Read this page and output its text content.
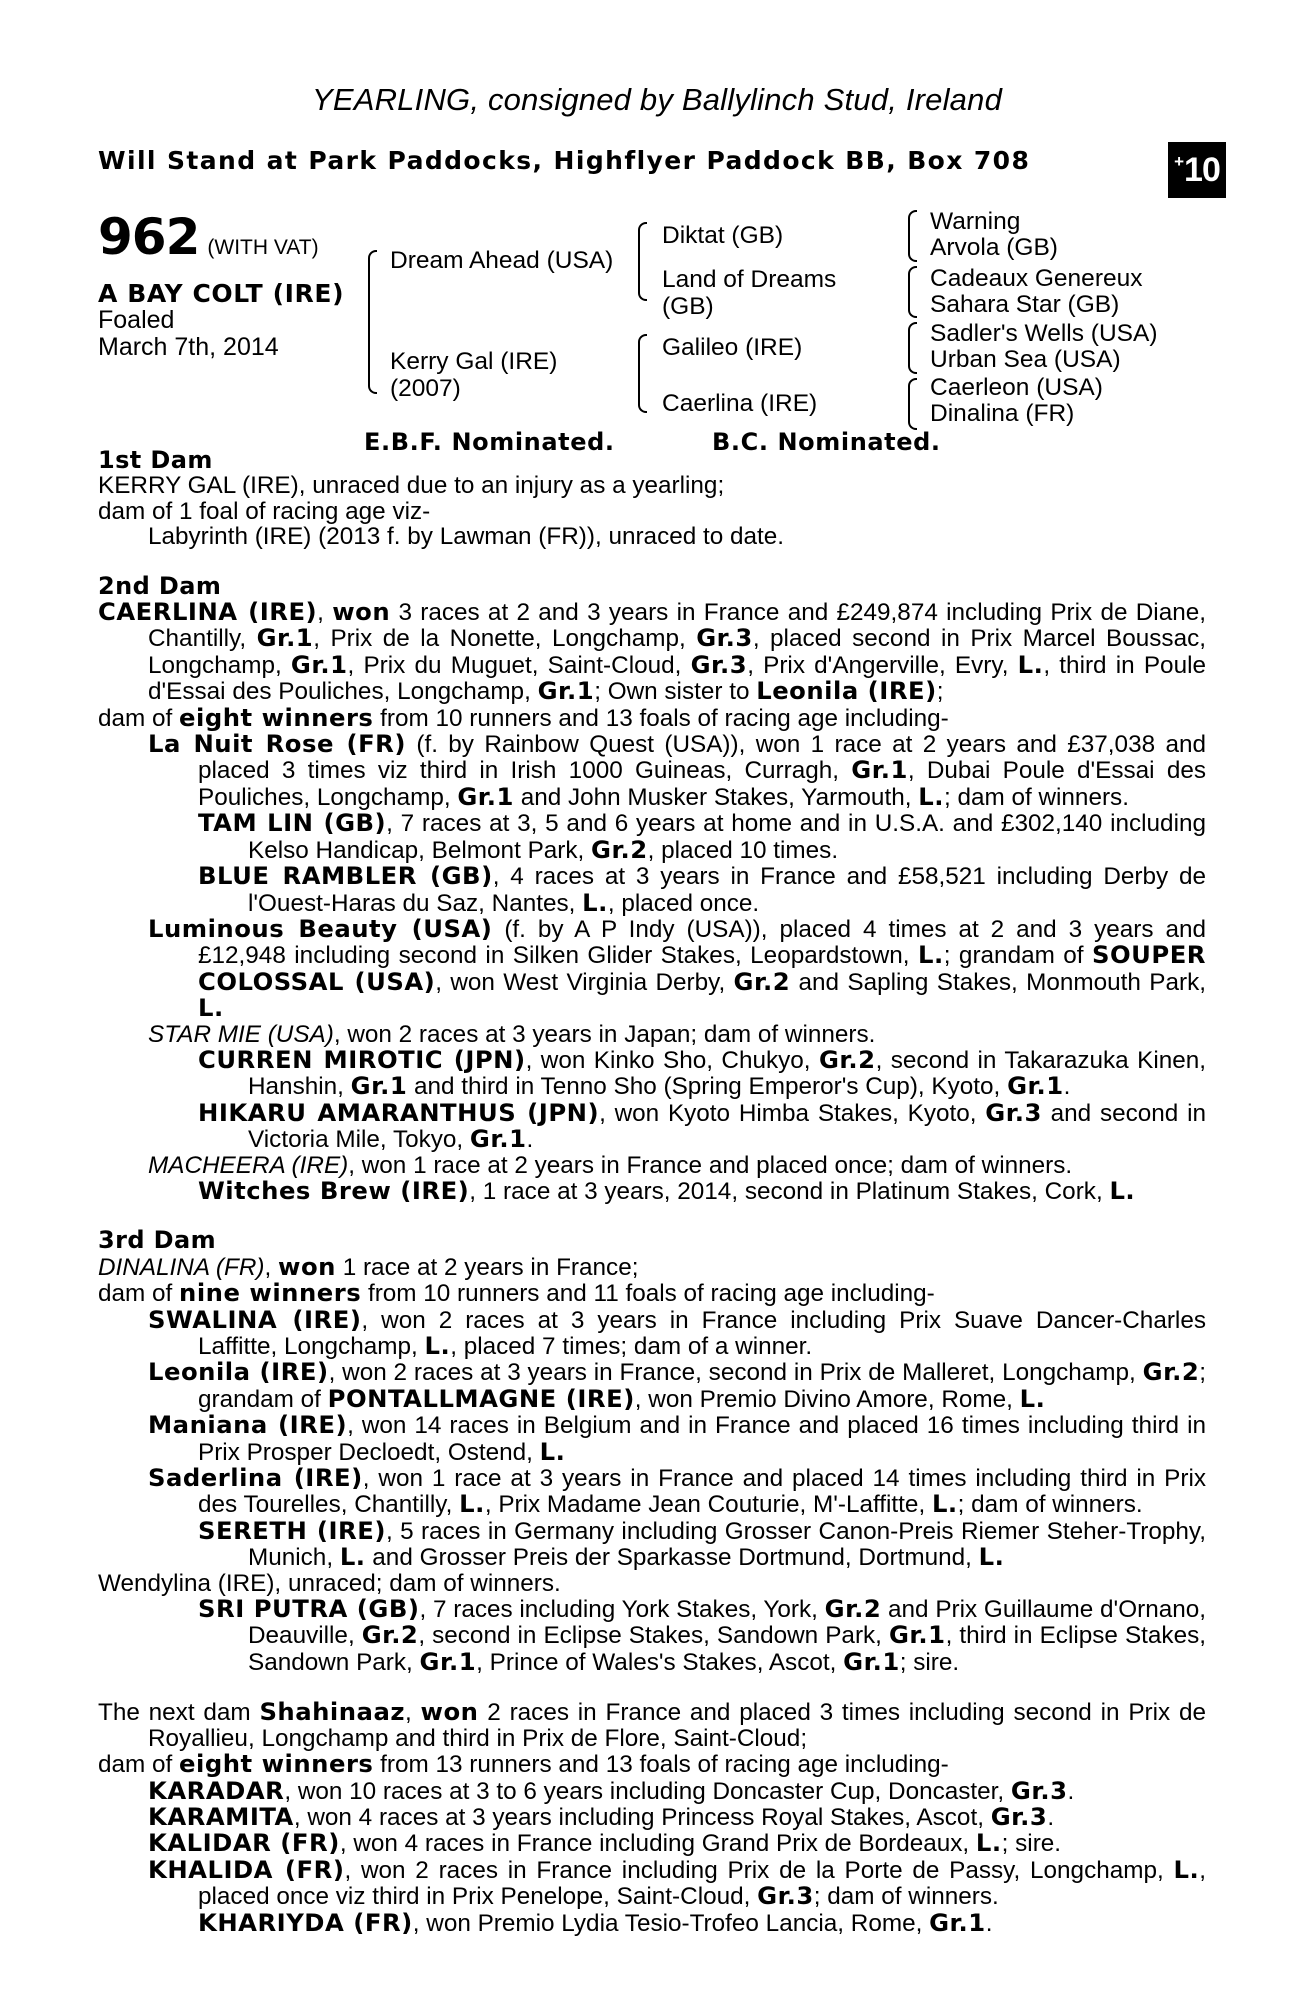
YEARLING, consigned by Ballylinch Stud, Ireland
Will Stand at Park Paddocks, Highflyer Paddock BB, Box 708	+ 10
962 (WITH VAT)
A BAY COLT (IRE)
Foaled
March 7th, 2014
Dream Ahead (USA)
Kerry Gal (IRE)
(2007)
Diktat (GB)
Land of Dreams
(GB)
Galileo (IRE)
Caerlina (IRE)
Warning
Arvola (GB)
Cadeaux Genereux
Sahara Star (GB)
Sadler's Wells (USA)
Urban Sea (USA)
Caerleon (USA)
Dinalina (FR)
E.B.F. Nominated.	B.C. Nominated.
1st Dam

KERRY GAL (IRE), unraced due to an injury as a yearling;

dam of 1 foal of racing age viz-

Labyrinth (IRE) (2013 f. by Lawman (FR)), unraced to date.

2nd Dam

CAERLINA (IRE), won 3 races at 2 and 3 years in France and £249,874 including Prix de Diane, Chantilly, Gr.1, Prix de la Nonette, Longchamp, Gr.3, placed second in Prix Marcel Boussac, Longchamp, Gr.1, Prix du Muguet, Saint-Cloud, Gr.3, Prix d'Angerville, Evry, L., third in Poule d'Essai des Pouliches, Longchamp, Gr.1; Own sister to Leonila (IRE);

dam of eight winners from 10 runners and 13 foals of racing age including-

La Nuit Rose (FR) (f. by Rainbow Quest (USA)), won 1 race at 2 years and £37,038 and placed 3 times viz third in Irish 1000 Guineas, Curragh, Gr.1, Dubai Poule d'Essai des Pouliches, Longchamp, Gr.1 and John Musker Stakes, Yarmouth, L.; dam of winners.

TAM LIN (GB), 7 races at 3, 5 and 6 years at home and in U.S.A. and £302,140 including Kelso Handicap, Belmont Park, Gr.2, placed 10 times.

BLUE RAMBLER (GB), 4 races at 3 years in France and £58,521 including Derby de l'Ouest-Haras du Saz, Nantes, L., placed once.

Luminous Beauty (USA) (f. by A P Indy (USA)), placed 4 times at 2 and 3 years and £12,948 including second in Silken Glider Stakes, Leopardstown, L.; grandam of SOUPER COLOSSAL (USA), won West Virginia Derby, Gr.2 and Sapling Stakes, Monmouth Park, L.

STAR MIE (USA), won 2 races at 3 years in Japan; dam of winners.

CURREN MIROTIC (JPN), won Kinko Sho, Chukyo, Gr.2, second in Takarazuka Kinen, Hanshin, Gr.1 and third in Tenno Sho (Spring Emperor's Cup), Kyoto, Gr.1.

HIKARU AMARANTHUS (JPN), won Kyoto Himba Stakes, Kyoto, Gr.3 and second in Victoria Mile, Tokyo, Gr.1.

MACHEERA (IRE), won 1 race at 2 years in France and placed once; dam of winners.

Witches Brew (IRE), 1 race at 3 years, 2014, second in Platinum Stakes, Cork, L.

3rd Dam

DINALINA (FR), won 1 race at 2 years in France;

dam of nine winners from 10 runners and 11 foals of racing age including-

SWALINA (IRE), won 2 races at 3 years in France including Prix Suave Dancer-Charles Laffitte, Longchamp, L., placed 7 times; dam of a winner.

Leonila (IRE), won 2 races at 3 years in France, second in Prix de Malleret, Longchamp, Gr.2; grandam of PONTALLMAGNE (IRE), won Premio Divino Amore, Rome, L.

Maniana (IRE), won 14 races in Belgium and in France and placed 16 times including third in Prix Prosper Decloedt, Ostend, L.

Saderlina (IRE), won 1 race at 3 years in France and placed 14 times including third in Prix des Tourelles, Chantilly, L., Prix Madame Jean Couturie, M'-Laffitte, L.; dam of winners.

SERETH (IRE), 5 races in Germany including Grosser Canon-Preis Riemer Steher-Trophy, Munich, L. and Grosser Preis der Sparkasse Dortmund, Dortmund, L.

Wendylina (IRE), unraced; dam of winners.

SRI PUTRA (GB), 7 races including York Stakes, York, Gr.2 and Prix Guillaume d'Ornano, Deauville, Gr.2, second in Eclipse Stakes, Sandown Park, Gr.1, third in Eclipse Stakes, Sandown Park, Gr.1, Prince of Wales's Stakes, Ascot, Gr.1; sire.

The next dam Shahinaaz, won 2 races in France and placed 3 times including second in Prix de Royallieu, Longchamp and third in Prix de Flore, Saint-Cloud;

dam of eight winners from 13 runners and 13 foals of racing age including-

KARADAR, won 10 races at 3 to 6 years including Doncaster Cup, Doncaster, Gr.3.

KARAMITA, won 4 races at 3 years including Princess Royal Stakes, Ascot, Gr.3.

KALIDAR (FR), won 4 races in France including Grand Prix de Bordeaux, L.; sire.

KHALIDA (FR), won 2 races in France including Prix de la Porte de Passy, Longchamp, L., placed once viz third in Prix Penelope, Saint-Cloud, Gr.3; dam of winners.

KHARIYDA (FR), won Premio Lydia Tesio-Trofeo Lancia, Rome, Gr.1.
